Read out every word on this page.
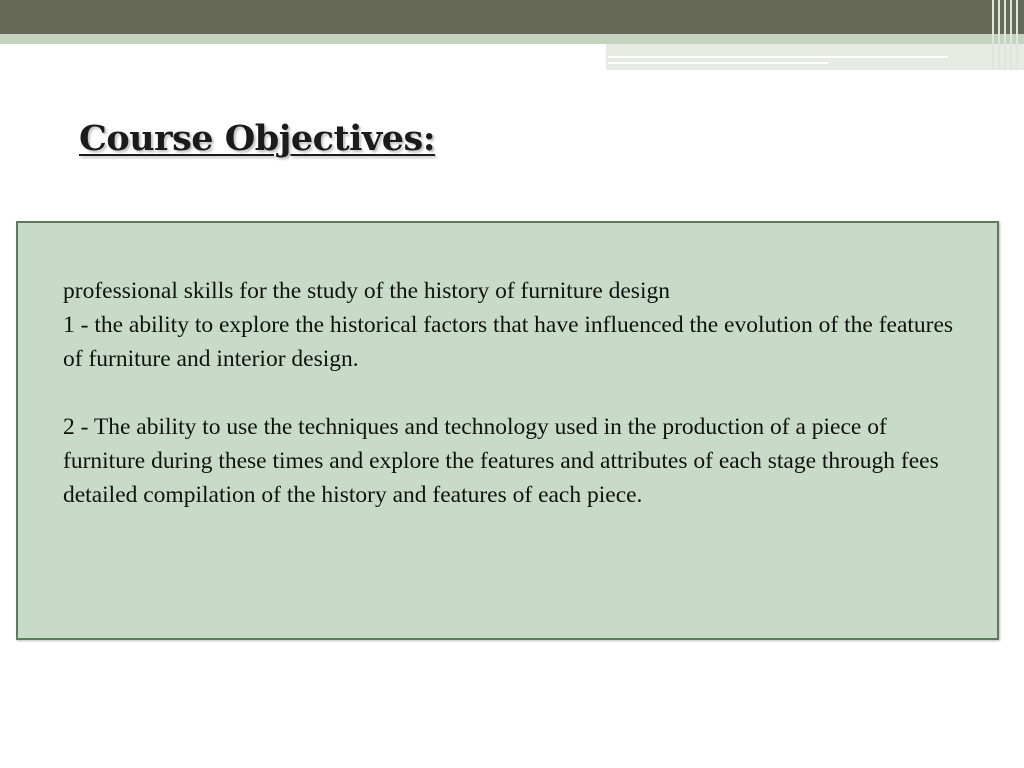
Course Objectives:

professional skills for the study of the history of furniture design

1 - the ability to explore the historical factors that have influenced the evolution of the features of furniture and interior design.

2 - The ability to use the techniques and technology used in the production of a piece of furniture during these times and explore the features and attributes of each stage through fees detailed compilation of the history and features of each piece.
